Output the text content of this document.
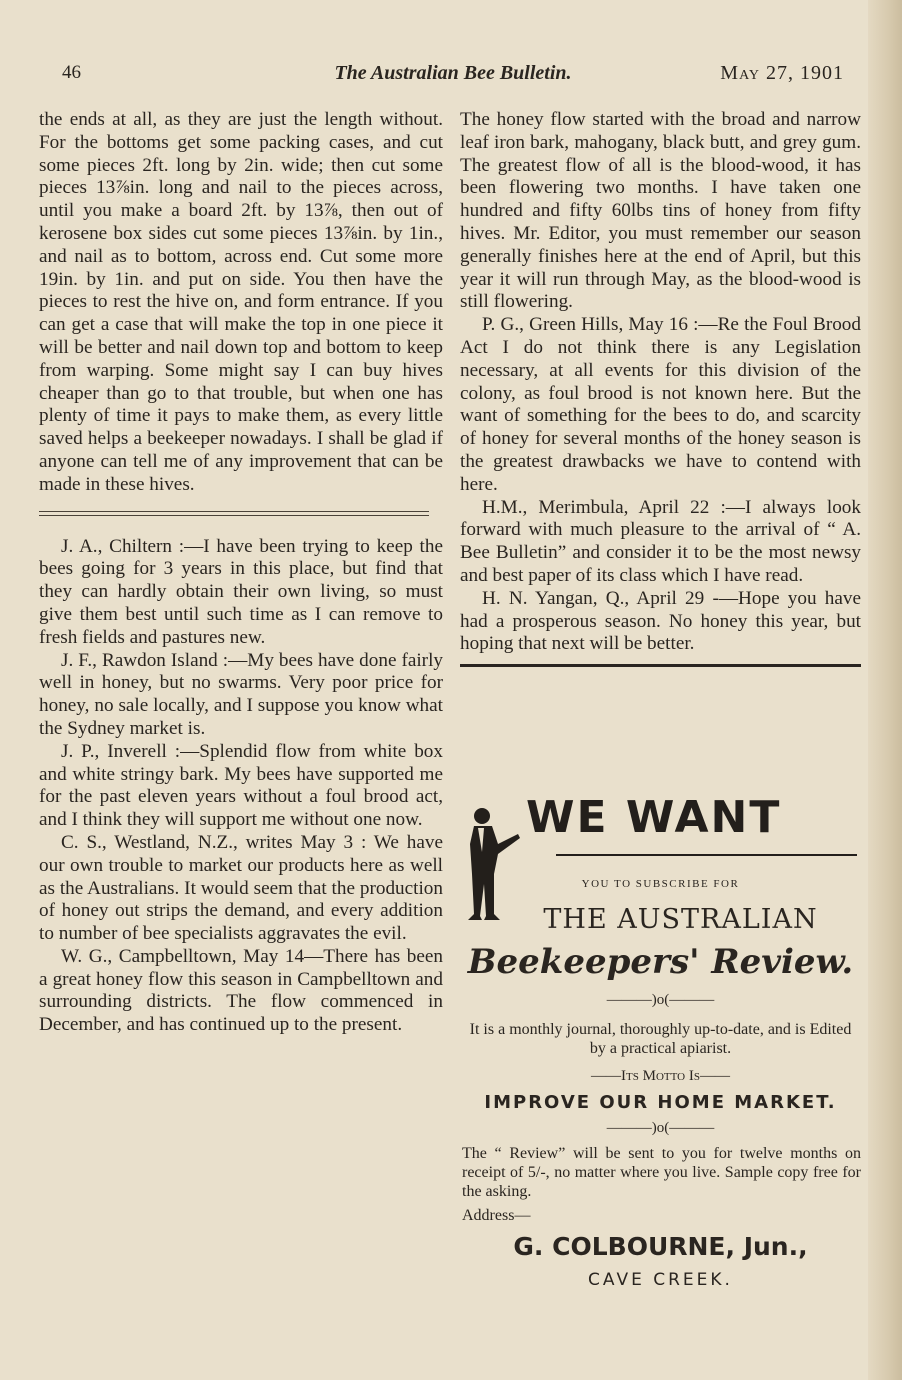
46	The Australian Bee Bulletin.	May 27, 1901

the ends at all, as they are just the length without. For the bottoms get some packing cases, and cut some pieces 2ft. long by 2in. wide; then cut some pieces 13⅞in. long and nail to the pieces across, until you make a board 2ft. by 13⅞, then out of kerosene box sides cut some pieces 13⅞in. by 1in., and nail as to bottom, across end. Cut some more 19in. by 1in. and put on side. You then have the pieces to rest the hive on, and form entrance. If you can get a case that will make the top in one piece it will be better and nail down top and bottom to keep from warping. Some might say I can buy hives cheaper than go to that trouble, but when one has plenty of time it pays to make them, as every little saved helps a beekeeper nowadays. I shall be glad if anyone can tell me of any improvement that can be made in these hives.

J. A., Chiltern :—I have been trying to keep the bees going for 3 years in this place, but find that they can hardly obtain their own living, so must give them best until such time as I can remove to fresh fields and pastures new.

J. F., Rawdon Island :—My bees have done fairly well in honey, but no swarms. Very poor price for honey, no sale locally, and I suppose you know what the Sydney market is.

J. P., Inverell :—Splendid flow from white box and white stringy bark. My bees have supported me for the past eleven years without a foul brood act, and I think they will support me without one now.

C. S., Westland, N.Z., writes May 3 : We have our own trouble to market our products here as well as the Australians. It would seem that the production of honey out strips the demand, and every addition to number of bee specialists aggravates the evil.

W. G., Campbelltown, May 14—There has been a great honey flow this season in Campbelltown and surrounding districts. The flow commenced in December, and has continued up to the present.

The honey flow started with the broad and narrow leaf iron bark, mahogany, black butt, and grey gum. The greatest flow of all is the blood-wood, it has been flowering two months. I have taken one hundred and fifty 60lbs tins of honey from fifty hives. Mr. Editor, you must remember our season generally finishes here at the end of April, but this year it will run through May, as the blood-wood is still flowering.

P. G., Green Hills, May 16 :—Re the Foul Brood Act I do not think there is any Legislation necessary, at all events for this division of the colony, as foul brood is not known here. But the want of something for the bees to do, and scarcity of honey for several months of the honey season is the greatest drawbacks we have to contend with here.

H.M., Merimbula, April 22 :—I always look forward with much pleasure to the arrival of “ A. Bee Bulletin” and consider it to be the most newsy and best paper of its class which I have read.

H. N. Yangan, Q., April 29 -—Hope you have had a prosperous season. No honey this year, but hoping that next will be better.

WE WANT
YOU TO SUBSCRIBE FOR
THE AUSTRALIAN
Beekeepers' Review.
———)o(———
It is a monthly journal, thoroughly up-to-date, and is Edited by a practical apiarist.
——Its Motto Is——
IMPROVE OUR HOME MARKET.
———)o(———
The “ Review” will be sent to you for twelve months on receipt of 5/-, no matter where you live. Sample copy free for the asking.
Address—
G. COLBOURNE, Jun.,
CAVE CREEK.
